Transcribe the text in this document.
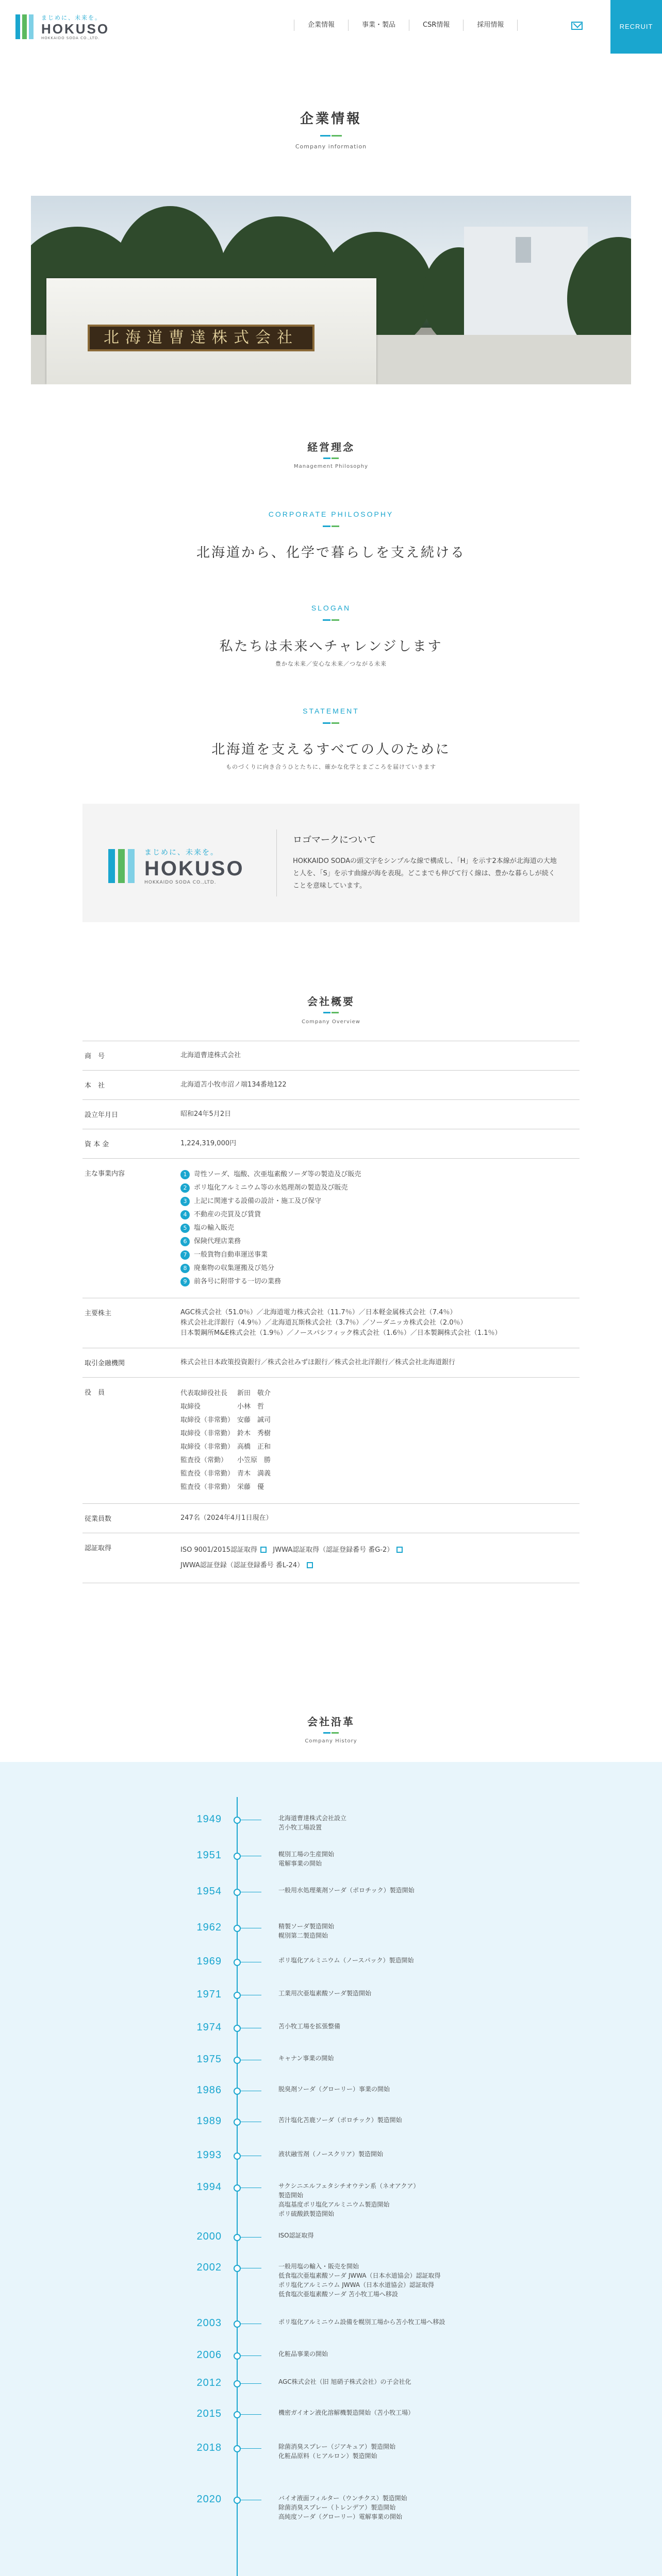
まじめに、未来を。
HOKUSO
HOKKAIDO SODA CO.,LTD.
企業情報	事業・製品	CSR情報	採用情報	RECRUIT
企業情報
Company information
北海道曹達株式会社
経営理念
Management Philosophy
CORPORATE PHILOSOPHY
北海道から、化学で暮らしを支え続ける
SLOGAN
私たちは未来へチャレンジします
豊かな未来／安心な未来／つながる未来
STATEMENT
北海道を支えるすべての人のために
ものづくりに向き合うひとたちに、確かな化学とまごころを届けていきます
まじめに、未来を。
HOKUSO
HOKKAIDO SODA CO.,LTD.
ロゴマークについて
HOKKAIDO SODAの頭文字をシンプルな線で構成し、「H」を示す2本線が北海道の大地と人を、「S」を示す曲線が海を表現。どこまでも伸びて行く線は、豊かな暮らしが続くことを意味しています。
会社概要
Company Overview
商　号	北海道曹達株式会社
本　社	北海道苫小牧市沼ノ端134番地122
設立年月日	昭和24年5月2日
資 本 金	1,224,319,000円
主な事業内容	1	苛性ソーダ、塩酸、次亜塩素酸ソーダ等の製造及び販売
2	ポリ塩化アルミニウム等の水処理剤の製造及び販売
3	上記に関連する設備の設計・施工及び保守
4	不動産の売買及び賃貸
5	塩の輸入販売
6	保険代理店業務
7	一般貨物自動車運送事業
8	廃棄物の収集運搬及び処分
9	前各号に附帯する一切の業務
主要株主	AGC株式会社（51.0％）／北海道電力株式会社（11.7％）／日本軽金属株式会社（7.4％）
株式会社北洋銀行（4.9％）／北海道瓦斯株式会社（3.7％）／ソーダニッカ株式会社（2.0％）
日本製鋼所M&E株式会社（1.9％）／ノースパシフィック株式会社（1.6％）／日本製鋼株式会社（1.1％）
取引金融機関	株式会社日本政策投資銀行／株式会社みずほ銀行／株式会社北洋銀行／株式会社北海道銀行
役　員	代表取締役社長	新田　敬介
取締役	小林　哲
取締役（非常勤） 安藤　誠司
取締役（非常勤） 鈴木　秀樹
取締役（非常勤） 高橋　正和
監査役（常勤）	小笠原　勝
監査役（非常勤） 青木　満義
監査役（非常勤） 栄藤　優
従業員数	247名（2024年4月1日現在）
認証取得	ISO 9001/2015認証取得 JWWA認証取得（認証登録番号 番G-2）
JWWA認証登録（認証登録番号 番L-24）
会社沿革
Company History
1949	北海道曹達株式会社設立
苫小牧工場設置
1951	幌別工場の生産開始
電解事業の開始
1954	一般用水処理薬剤ソーダ（ポロチック）製造開始
1962	精製ソーダ製造開始
幌別第二製造開始
1969	ポリ塩化アルミニウム（ノースパック）製造開始
1971	工業用次亜塩素酸ソーダ製造開始
1974	苫小牧工場を拡張整備
1975	キャナン事業の開始
1986	脱臭剤ソーダ（グローリー）事業の開始
1989	苦汁塩化苫鹿ソーダ（ポロチック）製造開始
1993	液状融雪剤（ノースクリア）製造開始
1994	サクシニエルフェタシチオウテン系（ネオアクア）
製造開始
高塩基度ポリ塩化アルミニウム製造開始
ポリ硫酸鉄製造開始
2000	ISO認証取得
2002	一般用塩の輸入・販売を開始
低食塩次亜塩素酸ソーダ JWWA（日本水道協会）認証取得
ポリ塩化アルミニウム JWWA（日本水道協会）認証取得
低食塩次亜塩素酸ソーダ 苫小牧工場へ移設
2003	ポリ塩化アルミニウム設備を幌別工場から苫小牧工場へ移設
2006	化粧品事業の開始
2012	AGC株式会社（旧 旭硝子株式会社）の子会社化
2015	機密ガイオン液化溶解機製造開始（苫小牧工場）
2018	除菌消臭スプレー（ジアキュア）製造開始
化粧品原料（ヒアルロン）製造開始
2020	バイオ液面フィルター（ウンチクス）製造開始
除菌消臭スプレー（トレンデア）製造開始
高純度ソーダ（グローリー）電解事業の開始
